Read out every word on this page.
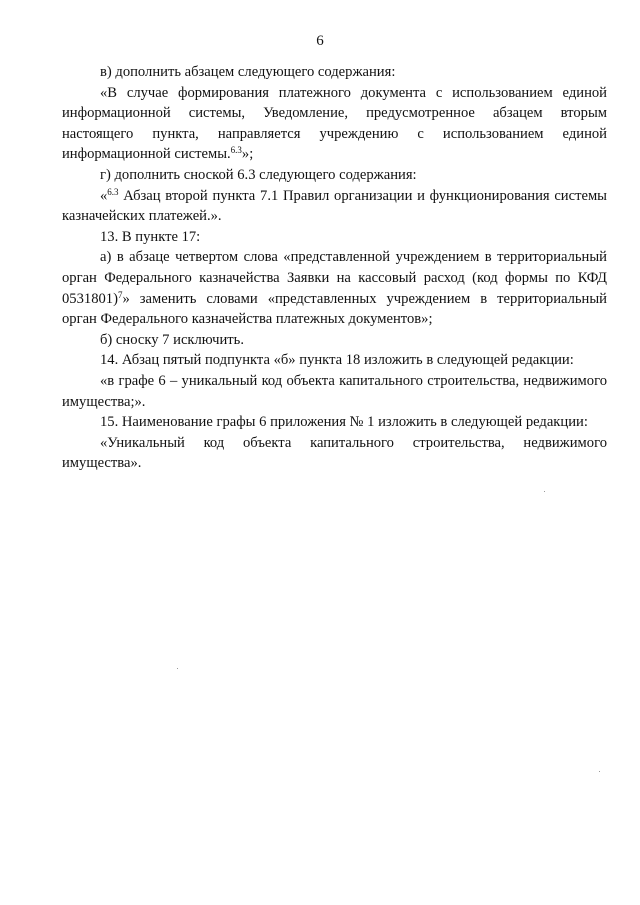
6

в) дополнить абзацем следующего содержания:

«В случае формирования платежного документа с использованием единой информационной системы, Уведомление, предусмотренное абзацем вторым настоящего пункта, направляется учреждению с использованием единой информационной системы.$^{6.3}$»;

г) дополнить сноской 6.3 следующего содержания:

«$^{6.3}$ Абзац второй пункта 7.1 Правил организации и функционирования системы казначейских платежей.».

13. В пункте 17:

а) в абзаце четвертом слова «представленной учреждением в территориальный орган Федерального казначейства Заявки на кассовый расход (код формы по КФД 0531801)$^7$» заменить словами «представленных учреждением в территориальный орган Федерального казначейства платежных документов»;

б) сноску 7 исключить.

14. Абзац пятый подпункта «б» пункта 18 изложить в следующей редакции:

«в графе 6 – уникальный код объекта капитального строительства, недвижимого имущества;».

15. Наименование графы 6 приложения № 1 изложить в следующей редакции:

«Уникальный код объекта капитального строительства, недвижимого имущества».
